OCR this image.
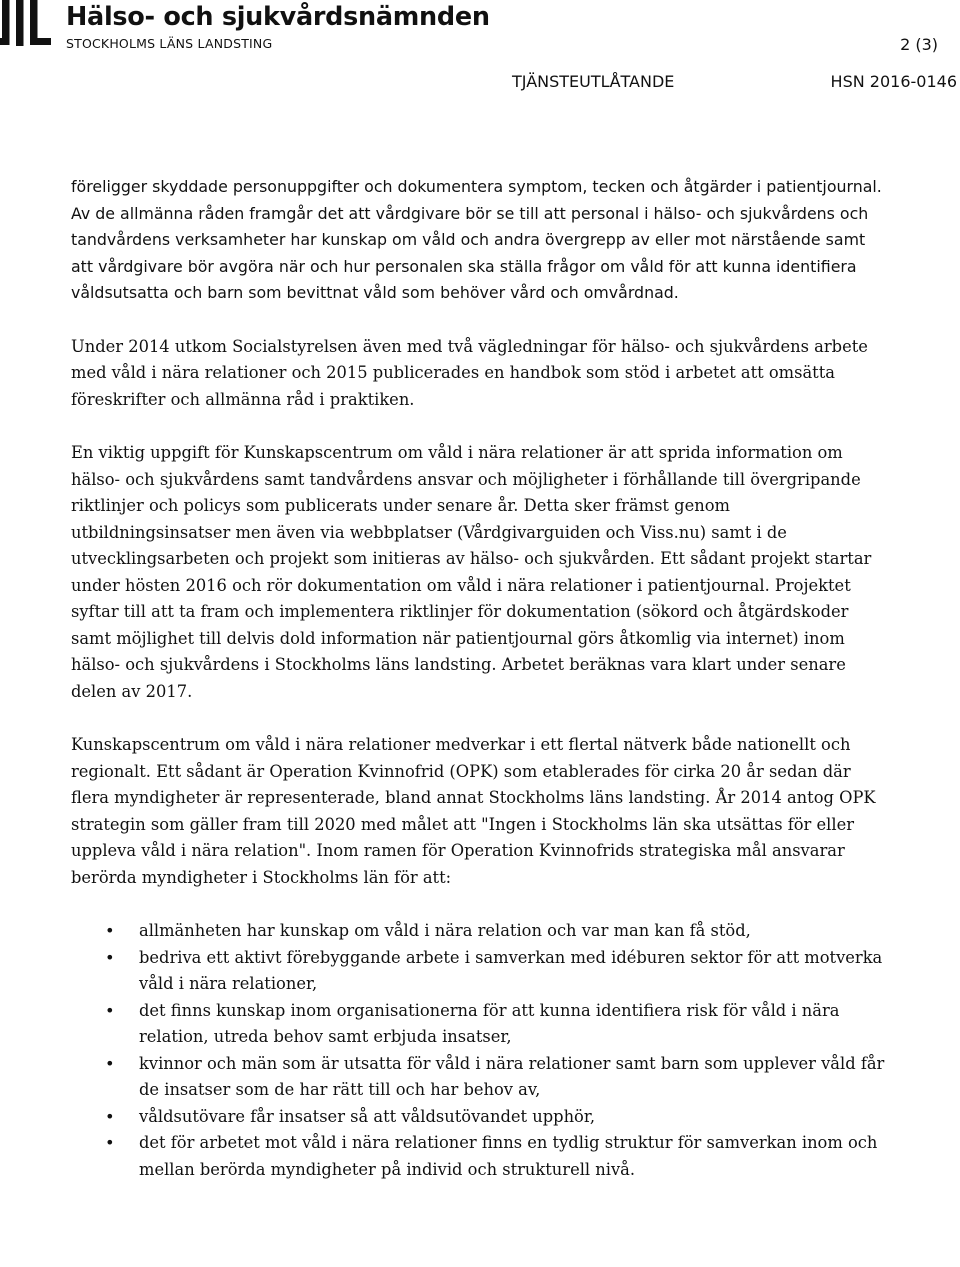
Hälso- och sjukvårdsnämnden
STOCKHOLMS LÄNS LANDSTING	2 (3)
TJÄNSTEUTLÅTANDE	HSN 2016-0146

föreligger skyddade personuppgifter och dokumentera symptom, tecken och åtgärder i patientjournal. Av de allmänna råden framgår det att vårdgivare bör se till att personal i hälso- och sjukvårdens och tandvårdens verksamheter har kunskap om våld och andra övergrepp av eller mot närstående samt att vårdgivare bör avgöra när och hur personalen ska ställa frågor om våld för att kunna identifiera våldsutsatta och barn som bevittnat våld som behöver vård och omvårdnad.

Under 2014 utkom Socialstyrelsen även med två vägledningar för hälso- och sjukvårdens arbete med våld i nära relationer och 2015 publicerades en handbok som stöd i arbetet att omsätta föreskrifter och allmänna råd i praktiken.

En viktig uppgift för Kunskapscentrum om våld i nära relationer är att sprida information om hälso- och sjukvårdens samt tandvårdens ansvar och möjligheter i förhållande till övergripande riktlinjer och policys som publicerats under senare år. Detta sker främst genom utbildningsinsatser men även via webbplatser (Vårdgivarguiden och Viss.nu) samt i de utvecklingsarbeten och projekt som initieras av hälso- och sjukvården. Ett sådant projekt startar under hösten 2016 och rör dokumentation om våld i nära relationer i patientjournal. Projektet syftar till att ta fram och implementera riktlinjer för dokumentation (sökord och åtgärdskoder samt möjlighet till delvis dold information när patientjournal görs åtkomlig via internet) inom hälso- och sjukvårdens i Stockholms läns landsting. Arbetet beräknas vara klart under senare delen av 2017.

Kunskapscentrum om våld i nära relationer medverkar i ett flertal nätverk både nationellt och regionalt. Ett sådant är Operation Kvinnofrid (OPK) som etablerades för cirka 20 år sedan där flera myndigheter är representerade, bland annat Stockholms läns landsting. År 2014 antog OPK strategin som gäller fram till 2020 med målet att "Ingen i Stockholms län ska utsättas för eller uppleva våld i nära relation". Inom ramen för Operation Kvinnofrids strategiska mål ansvarar berörda myndigheter i Stockholms län för att:

• allmänheten har kunskap om våld i nära relation och var man kan få stöd,
• bedriva ett aktivt förebyggande arbete i samverkan med idéburen sektor för att motverka våld i nära relationer,
• det finns kunskap inom organisationerna för att kunna identifiera risk för våld i nära relation, utreda behov samt erbjuda insatser,
• kvinnor och män som är utsatta för våld i nära relationer samt barn som upplever våld får de insatser som de har rätt till och har behov av,
• våldsutövare får insatser så att våldsutövandet upphör,
• det för arbetet mot våld i nära relationer finns en tydlig struktur för samverkan inom och mellan berörda myndigheter på individ och strukturell nivå.
